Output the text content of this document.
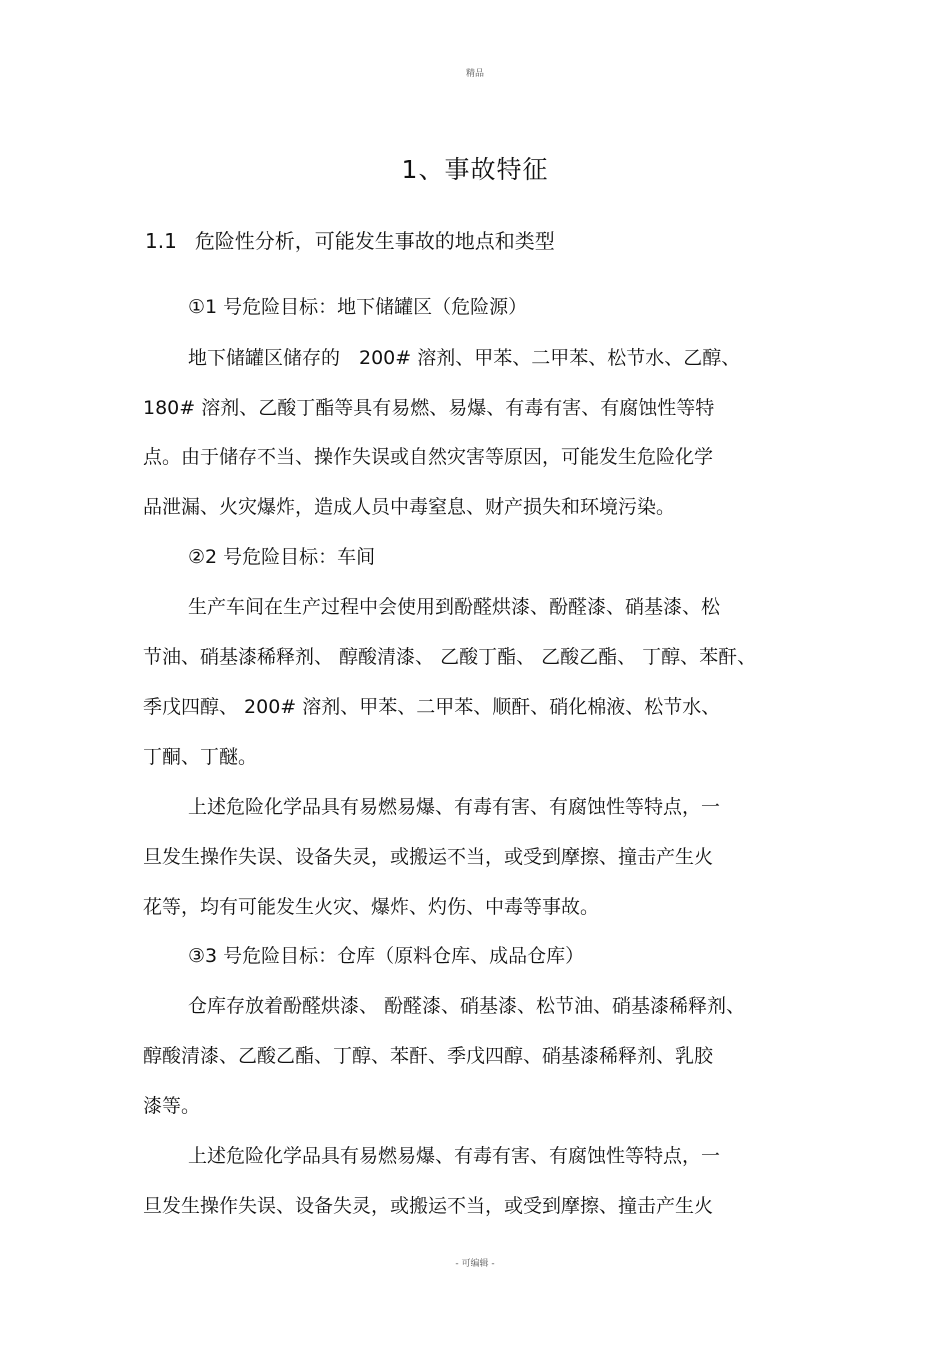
精品
1、事故特征
1.1 危险性分析，可能发生事故的地点和类型
①1 号危险目标：地下储罐区（危险源）
地下储罐区储存的　200# 溶剂、甲苯、二甲苯、松节水、乙醇、
180# 溶剂、乙酸丁酯等具有易燃、易爆、有毒有害、有腐蚀性等特
点。由于储存不当、操作失误或自然灾害等原因，可能发生危险化学
品泄漏、火灾爆炸，造成人员中毒窒息、财产损失和环境污染。
②2 号危险目标：车间
生产车间在生产过程中会使用到酚醛烘漆、酚醛漆、硝基漆、松
节油、硝基漆稀释剂、 醇酸清漆、 乙酸丁酯、 乙酸乙酯、 丁醇、苯酐、
季戊四醇、 200# 溶剂、甲苯、二甲苯、顺酐、硝化棉液、松节水、
丁酮、丁醚。
上述危险化学品具有易燃易爆、有毒有害、有腐蚀性等特点，一
旦发生操作失误、设备失灵，或搬运不当，或受到摩擦、撞击产生火
花等，均有可能发生火灾、爆炸、灼伤、中毒等事故。
③3 号危险目标：仓库（原料仓库、成品仓库）
仓库存放着酚醛烘漆、 酚醛漆、硝基漆、松节油、硝基漆稀释剂、
醇酸清漆、乙酸乙酯、丁醇、苯酐、季戊四醇、硝基漆稀释剂、乳胶
漆等。
上述危险化学品具有易燃易爆、有毒有害、有腐蚀性等特点，一
旦发生操作失误、设备失灵，或搬运不当，或受到摩擦、撞击产生火
- 可编辑 -
